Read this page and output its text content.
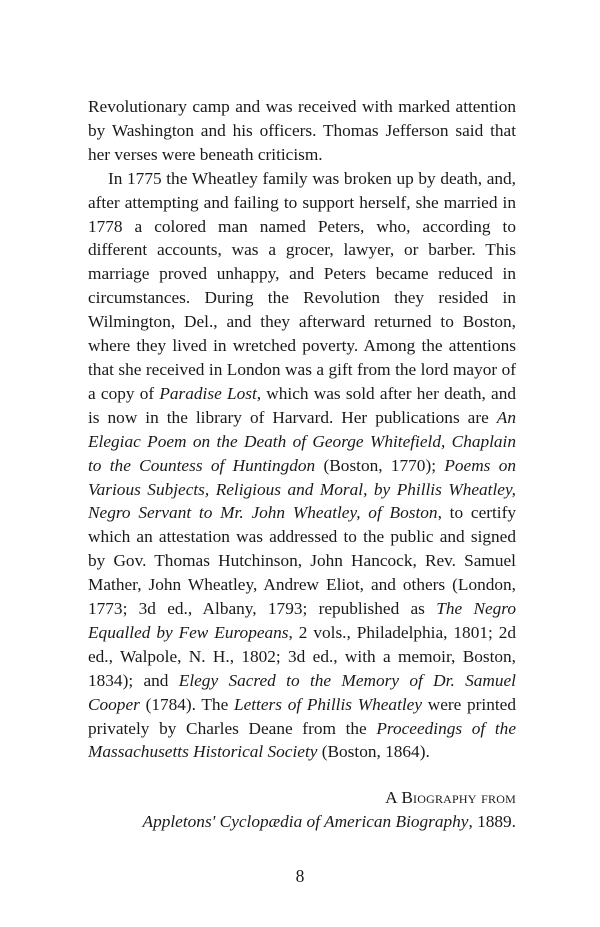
Revolutionary camp and was received with marked attention by Washington and his officers. Thomas Jefferson said that her verses were beneath criticism.

In 1775 the Wheatley family was broken up by death, and, after attempting and failing to support herself, she married in 1778 a colored man named Peters, who, according to different accounts, was a grocer, lawyer, or barber. This marriage proved unhappy, and Peters became reduced in circumstances. During the Revolution they resided in Wilmington, Del., and they afterward returned to Boston, where they lived in wretched poverty. Among the attentions that she received in London was a gift from the lord mayor of a copy of Paradise Lost, which was sold after her death, and is now in the library of Harvard. Her publications are An Elegiac Poem on the Death of George Whitefield, Chaplain to the Countess of Huntingdon (Boston, 1770); Poems on Various Subjects, Religious and Moral, by Phillis Wheatley, Negro Servant to Mr. John Wheatley, of Boston, to certify which an attestation was addressed to the public and signed by Gov. Thomas Hutchinson, John Hancock, Rev. Samuel Mather, John Wheatley, Andrew Eliot, and others (London, 1773; 3d ed., Albany, 1793; republished as The Negro Equalled by Few Europeans, 2 vols., Philadelphia, 1801; 2d ed., Walpole, N. H., 1802; 3d ed., with a memoir, Boston, 1834); and Elegy Sacred to the Memory of Dr. Samuel Cooper (1784). The Letters of Phillis Wheatley were printed privately by Charles Deane from the Proceedings of the Massachusetts Historical Society (Boston, 1864).

A Biography from
Appletons' Cyclopædia of American Biography, 1889.
8
